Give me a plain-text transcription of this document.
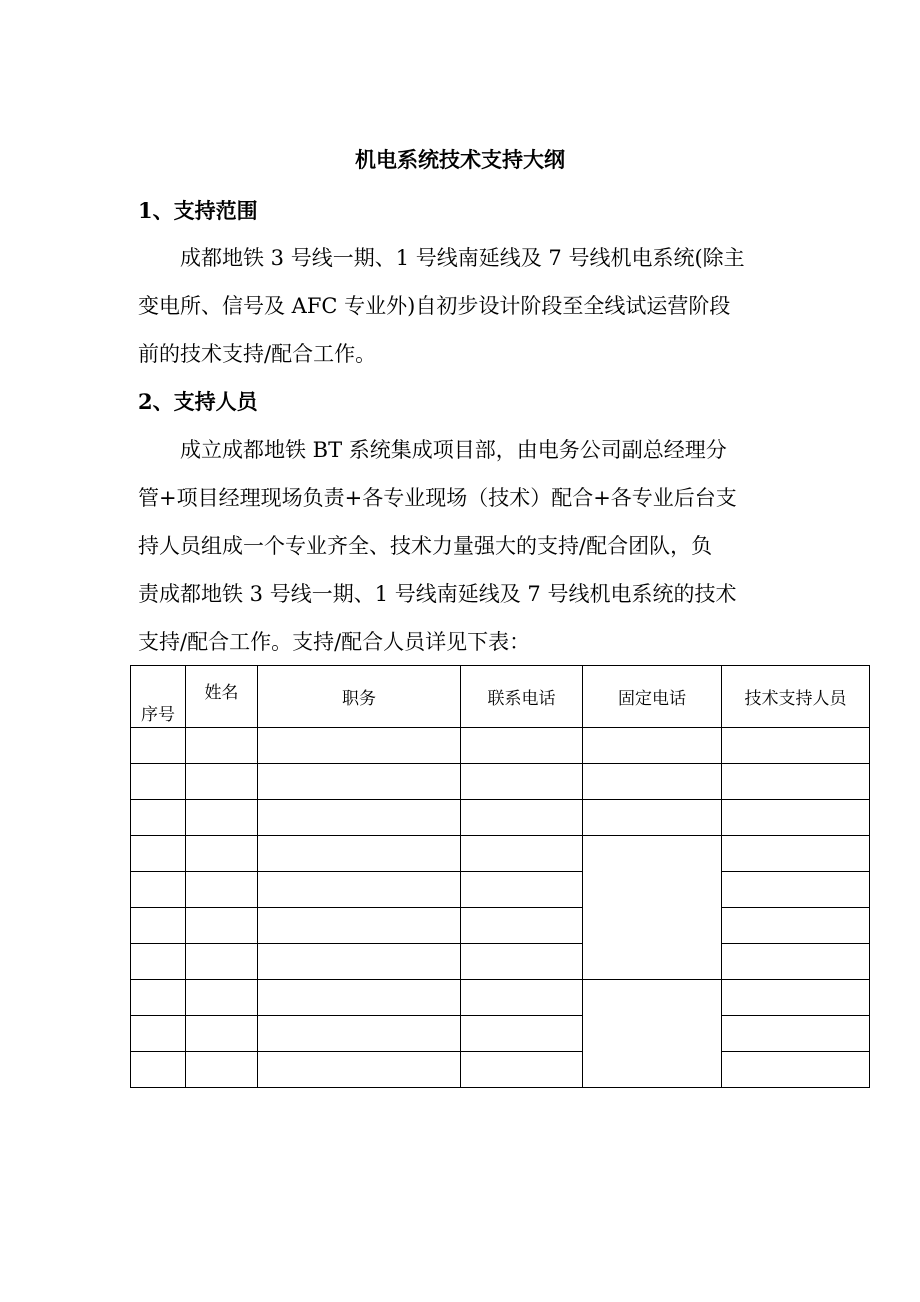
机电系统技术支持大纲
1、支持范围
成都地铁 3 号线一期、1 号线南延线及 7 号线机电系统(除主
变电所、信号及 AFC 专业外)自初步设计阶段至全线试运营阶段
前的技术支持/配合工作。
2、支持人员
成立成都地铁 BT 系统集成项目部，由电务公司副总经理分
管+项目经理现场负责+各专业现场（技术）配合+各专业后台支
持人员组成一个专业齐全、技术力量强大的支持/配合团队，负
责成都地铁 3 号线一期、1 号线南延线及 7 号线机电系统的技术
支持/配合工作。支持/配合人员详见下表：
序号	姓名	职务	联系电话	固定电话	技术支持人员
